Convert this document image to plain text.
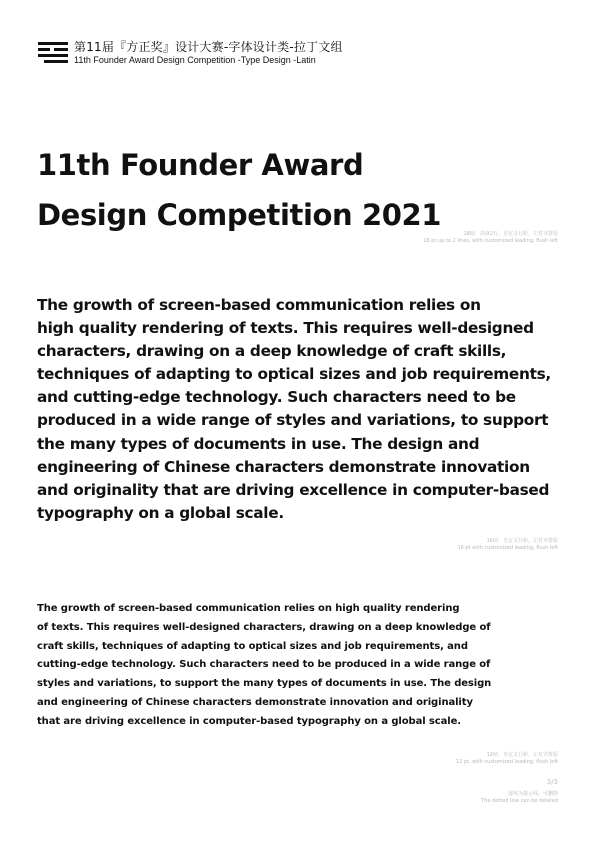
第11届『方正奖』设计大赛-字体设计类-拉丁文组
11th Founder Award Design Competition -Type Design -Latin
11th Founder Award
Design Competition 2021
18磅，高度2行，自定义行距，左对齐排版
18 pt up to 2 lines, with customized leading, flush left
The growth of screen-based communication relies on
high quality rendering of texts. This requires well-designed
characters, drawing on a deep knowledge of craft skills,
techniques of adapting to optical sizes and job requirements,
and cutting-edge technology. Such characters need to be
produced in a wide range of styles and variations, to support
the many types of documents in use. The design and
engineering of Chinese characters demonstrate innovation
and originality that are driving excellence in computer-based
typography on a global scale.
16磅，自定义行距，左对齐排版
16 pt with customized leading, flush left
The growth of screen-based communication relies on high quality rendering
of texts. This requires well-designed characters, drawing on a deep knowledge of
craft skills, techniques of adapting to optical sizes and job requirements, and
cutting-edge technology. Such characters need to be produced in a wide range of
styles and variations, to support the many types of documents in use. The design
and engineering of Chinese characters demonstrate innovation and originality
that are driving excellence in computer-based typography on a global scale.
12磅，自定义行距，左对齐排版
12 pt, with customized leading, flush left
3/3
虚线为提示线，可删除
The dotted line can be deleted
